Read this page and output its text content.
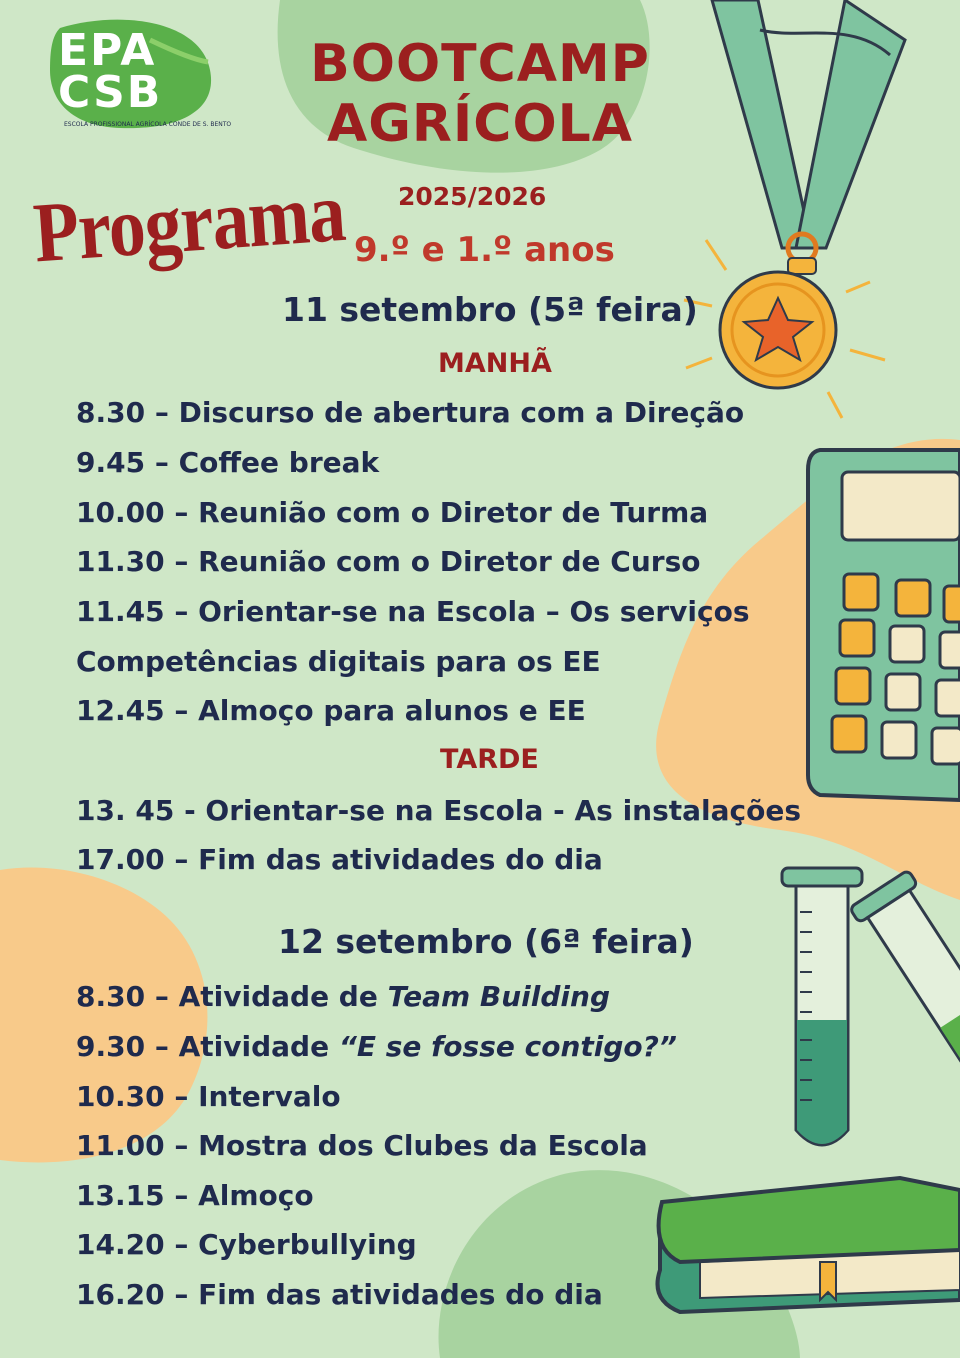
EPA CSB
ESCOLA PROFISSIONAL AGRÍCOLA CONDE DE S. BENTO
BOOTCAMP
AGRÍCOLA
2025/2026
Programa 9.º e 1.º anos
11 setembro (5ª feira)
MANHÃ
8.30 – Discurso de abertura com a Direção
9.45 – Coffee break
10.00 – Reunião com o Diretor de Turma
11.30 – Reunião com o Diretor de Curso
11.45 – Orientar-se na Escola – Os serviços
Competências digitais para os EE
12.45 – Almoço para alunos e EE
TARDE
13. 45 - Orientar-se na Escola - As instalações
17.00 – Fim das atividades do dia
12 setembro (6ª feira)
8.30 – Atividade de Team Building
9.30 – Atividade “E se fosse contigo?”
10.30 – Intervalo
11.00 – Mostra dos Clubes da Escola
13.15 – Almoço
14.20 – Cyberbullying
16.20 – Fim das atividades do dia
